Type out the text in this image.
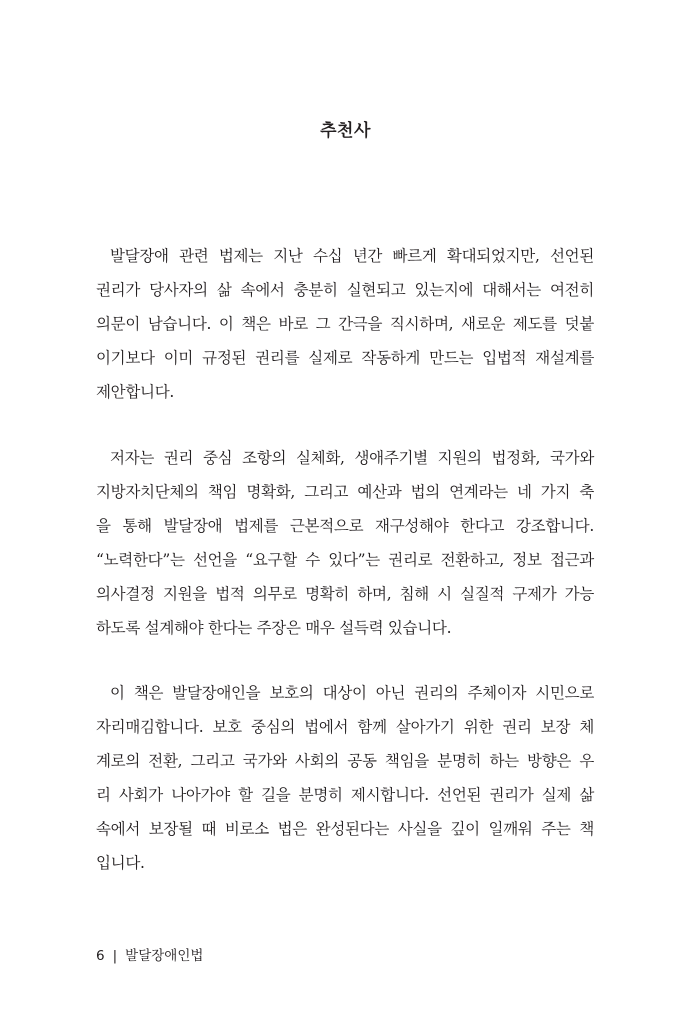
추천사
발달장애 관련 법제는 지난 수십 년간 빠르게 확대되었지만, 선언된
권리가 당사자의 삶 속에서 충분히 실현되고 있는지에 대해서는 여전히
의문이 남습니다. 이 책은 바로 그 간극을 직시하며, 새로운 제도를 덧붙
이기보다 이미 규정된 권리를 실제로 작동하게 만드는 입법적 재설계를
제안합니다.
저자는 권리 중심 조항의 실체화, 생애주기별 지원의 법정화, 국가와
지방자치단체의 책임 명확화, 그리고 예산과 법의 연계라는 네 가지 축
을 통해 발달장애 법제를 근본적으로 재구성해야 한다고 강조합니다.
“노력한다”는 선언을 “요구할 수 있다”는 권리로 전환하고, 정보 접근과
의사결정 지원을 법적 의무로 명확히 하며, 침해 시 실질적 구제가 가능
하도록 설계해야 한다는 주장은 매우 설득력 있습니다.
이 책은 발달장애인을 보호의 대상이 아닌 권리의 주체이자 시민으로
자리매김합니다. 보호 중심의 법에서 함께 살아가기 위한 권리 보장 체
계로의 전환, 그리고 국가와 사회의 공동 책임을 분명히 하는 방향은 우
리 사회가 나아가야 할 길을 분명히 제시합니다. 선언된 권리가 실제 삶
속에서 보장될 때 비로소 법은 완성된다는 사실을 깊이 일깨워 주는 책
입니다.
6 | 발달장애인법
